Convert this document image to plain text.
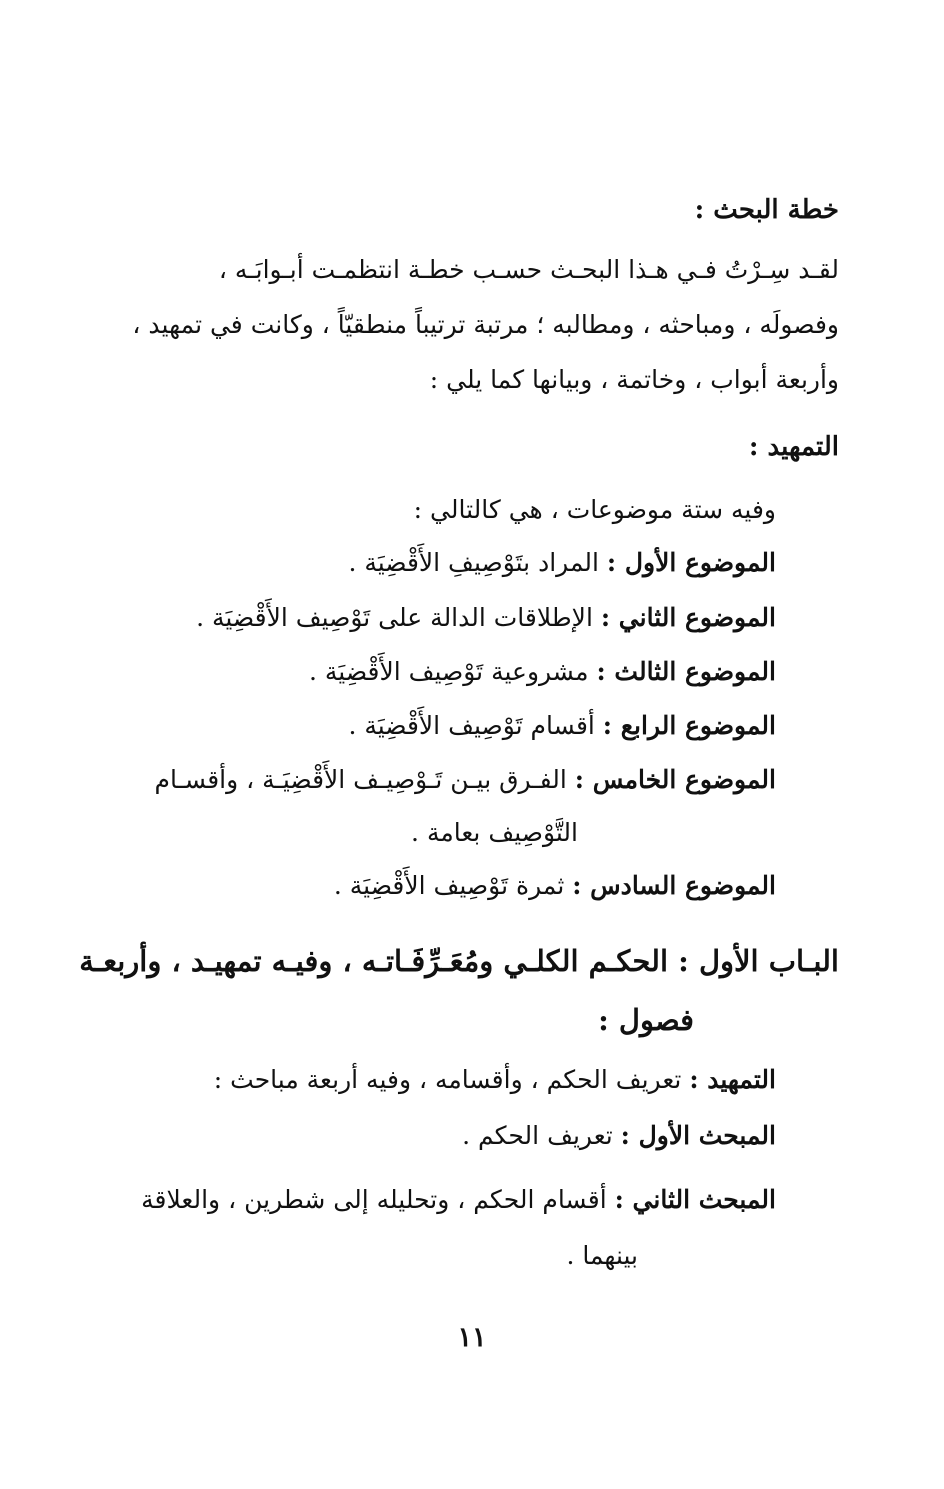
خطة البحث :
لقـد سِـرْتُ فـي هـذا البحـث حسـب خطـة انتظمـت أبـوابَـه ،
وفصولَه ، ومباحثه ، ومطالبه ؛ مرتبة ترتيباً منطقيّاً ، وكانت في تمهيد ،
وأربعة أبواب ، وخاتمة ، وبيانها كما يلي :
التمهيد :
وفيه ستة موضوعات ، هي كالتالي :
الموضوع الأول : المراد بتَوْصِيفِ الأَقْضِيَة .
الموضوع الثاني : الإطلاقات الدالة على تَوْصِيف الأَقْضِيَة .
الموضوع الثالث : مشروعية تَوْصِيف الأَقْضِيَة .
الموضوع الرابع : أقسام تَوْصِيف الأَقْضِيَة .
الموضوع الخامس : الفـرق بيـن تَـوْصِيـف الأَقْضِيَـة ، وأقسـام
التَّوْصِيف بعامة .
الموضوع السادس : ثمرة تَوْصِيف الأَقْضِيَة .
البـاب الأول : الحكـم الكلـي ومُعَـرِّفَـاتـه ، وفيـه تمهيـد ، وأربعـة
فصول :
التمهيد : تعريف الحكم ، وأقسامه ، وفيه أربعة مباحث :
المبحث الأول : تعريف الحكم .
المبحث الثاني : أقسام الحكم ، وتحليله إلى شطرين ، والعلاقة
بينهما .
١١
